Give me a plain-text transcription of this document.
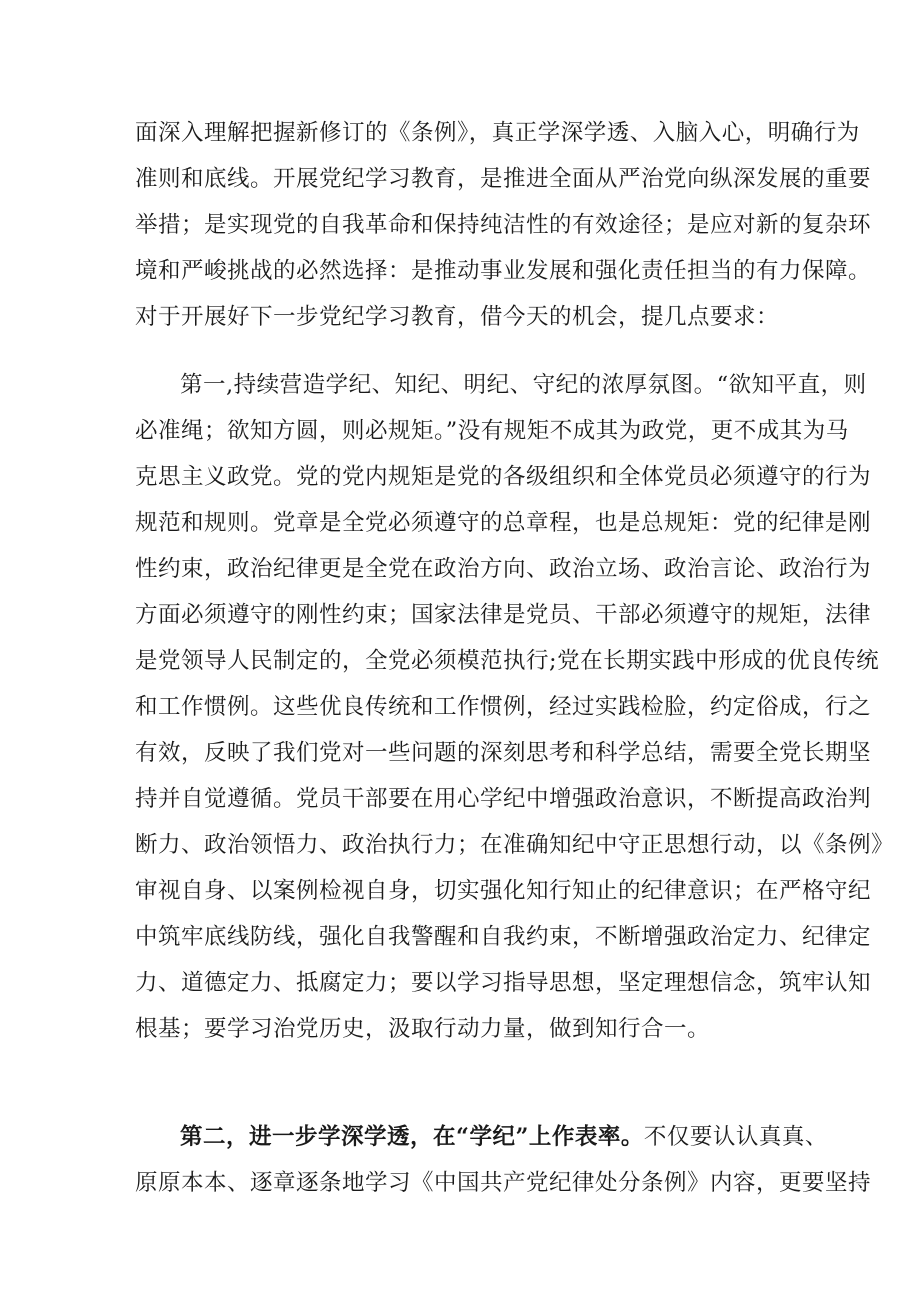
面深入理解把握新修订的《条例》，真正学深学透、入脑入心，明确行为
准则和底线。开展党纪学习教育，是推进全面从严治党向纵深发展的重要
举措；是实现党的自我革命和保持纯洁性的有效途径；是应对新的复杂环
境和严峻挑战的必然选择：是推动事业发展和强化责任担当的有力保障。
对于开展好下一步党纪学习教育，借今天的机会，提几点要求：
第一,持续营造学纪、知纪、明纪、守纪的浓厚氛图。“欲知平直，则
必准绳；欲知方圆，则必规矩。”没有规矩不成其为政党，更不成其为马
克思主义政党。党的党内规矩是党的各级组织和全体党员必须遵守的行为
规范和规则。党章是全党必须遵守的总章程，也是总规矩：党的纪律是刚
性约束，政治纪律更是全党在政治方向、政治立场、政治言论、政治行为
方面必须遵守的刚性约束；国家法律是党员、干部必须遵守的规矩，法律
是党领导人民制定的，全党必须模范执行;党在长期实践中形成的优良传统
和工作惯例。这些优良传统和工作惯例，经过实践检脸，约定俗成，行之
有效，反映了我们党对一些问题的深刻思考和科学总结，需要全党长期坚
持并自觉遵循。党员干部要在用心学纪中增强政治意识，不断提高政治判
断力、政治领悟力、政治执行力；在准确知纪中守正思想行动，以《条例》
审视自身、以案例检视自身，切实强化知行知止的纪律意识；在严格守纪
中筑牢底线防线，强化自我警醒和自我约束，不断增强政治定力、纪律定
力、道德定力、抵腐定力；要以学习指导思想，坚定理想信念，筑牢认知
根基；要学习治党历史，汲取行动力量，做到知行合一。
第二，进一步学深学透，在“学纪”上作表率。不仅要认认真真、
原原本本、逐章逐条地学习《中国共产党纪律处分条例》内容，更要坚持
